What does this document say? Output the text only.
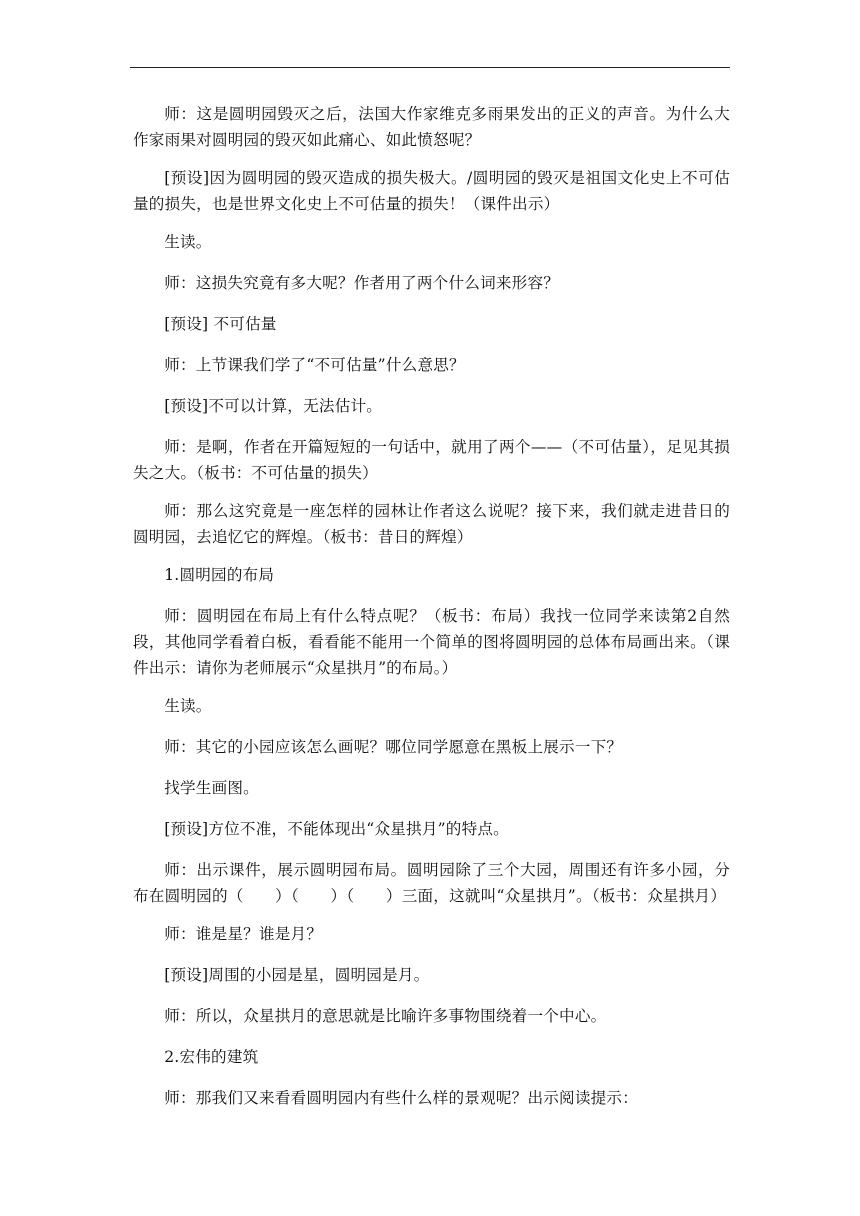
师：这是圆明园毁灭之后，法国大作家维克多雨果发出的正义的声音。为什么大作家雨果对圆明园的毁灭如此痛心、如此愤怒呢？

[预设]因为圆明园的毁灭造成的损失极大。/圆明园的毁灭是祖国文化史上不可估量的损失，也是世界文化史上不可估量的损失！（课件出示）

生读。

师：这损失究竟有多大呢？作者用了两个什么词来形容？

[预设] 不可估量

师：上节课我们学了“不可估量”什么意思？

[预设]不可以计算，无法估计。

师：是啊，作者在开篇短短的一句话中，就用了两个——（不可估量），足见其损失之大。（板书：不可估量的损失）

师：那么这究竟是一座怎样的园林让作者这么说呢？接下来，我们就走进昔日的圆明园，去追忆它的辉煌。（板书：昔日的辉煌）

1.圆明园的布局

师：圆明园在布局上有什么特点呢？（板书：布局）我找一位同学来读第2自然段，其他同学看着白板，看看能不能用一个简单的图将圆明园的总体布局画出来。（课件出示：请你为老师展示“众星拱月”的布局。）

生读。

师：其它的小园应该怎么画呢？哪位同学愿意在黑板上展示一下？

找学生画图。

[预设]方位不准，不能体现出“众星拱月”的特点。

师：出示课件，展示圆明园布局。圆明园除了三个大园，周围还有许多小园，分布在圆明园的（　　）（　　）（　　）三面，这就叫“众星拱月”。（板书：众星拱月）

师：谁是星？谁是月？

[预设]周围的小园是星，圆明园是月。

师：所以，众星拱月的意思就是比喻许多事物围绕着一个中心。

2.宏伟的建筑

师：那我们又来看看圆明园内有些什么样的景观呢？出示阅读提示：
